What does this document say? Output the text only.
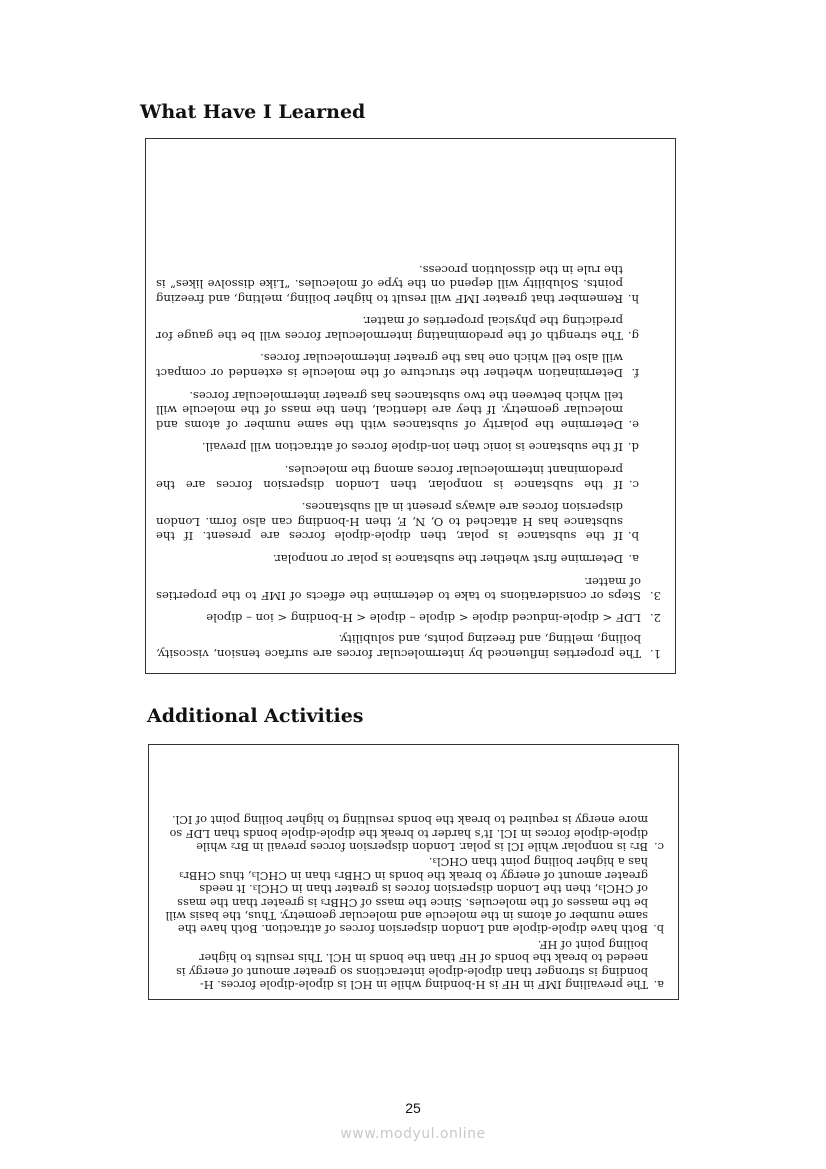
What Have I Learned
1.
The properties influenced by intermolecular forces are surface tension, viscosity, boiling, melting, and freezing points, and solubility.
2.
LDF < dipole-induced dipole < dipole – dipole < H-bonding < ion – dipole
3.
Steps or considerations to take to determine the effects of IMF to the properties of matter.
a.
Determine first whether the substance is polar or nonpolar.
b.
If the substance is polar, then dipole-dipole forces are present. If the substance has H attached to O, N, F, then H-bonding can also form. London dispersion forces are always present in all substances.
c.
If the substance is nonpolar, then London dispersion forces are the predominant intermolecular forces among the molecules.
d.
If the substance is ionic then ion-dipole forces of attraction will prevail.
e.
Determine the polarity of substances with the same number of atoms and molecular geometry. If they are identical, then the mass of the molecule will tell which between the two substances has greater intermolecular forces.
f.
Determination whether the structure of the molecule is extended or compact will also tell which one has the greater intermolecular forces.
g.
The strength of the predominating intermolecular forces will be the gauge for predicting the physical properties of matter.
h.
Remember that greater IMF will result to higher boiling, melting, and freezing points. Solubility will depend on the type of molecules. “Like dissolve likes” is the rule in the dissolution process.
Additional Activities
a.
The prevailing IMF in HF is H-bonding while in HCl is dipole-dipole forces. H-bonding is stronger than dipole-dipole interactions so greater amount of energy is needed to break the bonds of HF than the bonds in HCl. This results to higher boiling point of HF.
b.
Both have dipole-dipole and London dispersion forces of attraction. Both have the same number of atoms in the molecule and molecular geometry. Thus, the basis will be the masses of the molecules. Since the mass of CHBr₃ is greater than the mass of CHCl₃, then the London dispersion forces is greater than in CHCl₃. It needs greater amount of energy to break the bonds in CHBr₃ than in CHCl₃, thus CHBr₃ has a higher boiling point than CHCl₃.
c.
Br₂ is nonpolar while ICl is polar. London dispersion forces prevail in Br₂ while dipole-dipole forces in ICl. It’s harder to break the dipole-dipole bonds than LDF so more energy is required to break the bonds resulting to higher boiling point of ICl.
25
www.modyul.online
